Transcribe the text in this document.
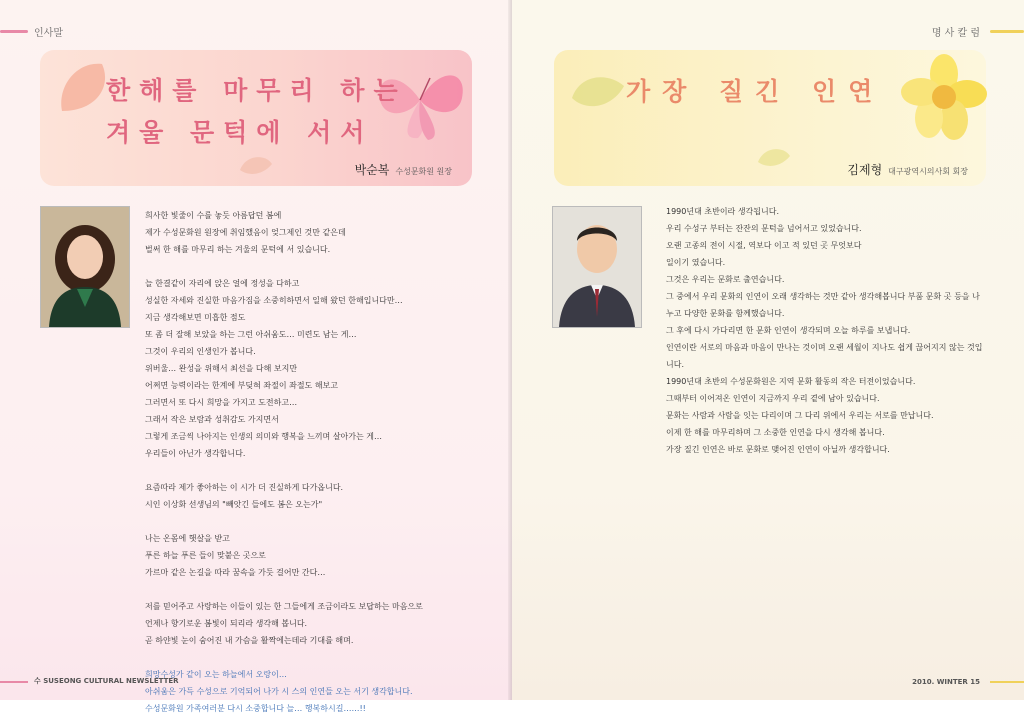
인사말
한해를 마무리 하는
겨울 문턱에 서서
박순복 수성문화원 원장

희사한 빛줄이 수를 놓듯 아름답던 봄에

제가 수성문화원 원장에 취임했음이 엊그제인 것만 같은데

벌써 한 해를 마무리 하는 겨울의 문턱에 서 있습니다.

늘 한결같이 자리에 앉은 얼에 정성을 다하고

성실한 자세와 진실한 마음가짐을 소중히하면서 일해 왔던 한해입니다만…

지금 생각해보면 미흡한 점도

또 좀 더 잘해 보았을 하는 그런 아쉬움도… 미련도 남는 게…

그것이 우리의 인생인가 봅니다.

위버울… 완성을 위해서 최선을 다해 보지만

어쩌면 능력이라는 한계에 부딪혀 좌절이 좌절도 해보고

그러면서 또 다시 희망을 가지고 도전하고…

그래서 작은 보람과 성취감도 가지면서

그렇게 조금씩 나아지는 인생의 의미와 행복을 느끼며 살아가는 게…

우리들이 아닌가 생각합니다.

요즘따라 제가 좋아하는 이 시가 더 진실하게 다가옵니다.

시인 이상화 선생님의 "빼앗긴 들에도 봄은 오는가"

나는 온몸에 햇살을 받고

푸른 하늘 푸른 들이 맞붙은 곳으로

가르마 같은 논길을 따라 꿈속을 가듯 걸어만 간다…

저를 믿어주고 사랑하는 이들이 있는 한 그들에게 조금이라도 보답하는 마음으로

언제나 향기로운 봄빛이 되리라 생각해 봅니다.

곧 하얀빛 눈이 숨어진 내 가슴을 활짝에는데라 기대를 해며.

희망수성가 같이 오는 하늘에서 오랑이…

아쉬움은 가득 수성으로 기억되어 나가 시 스의 인연들 오는 서기 생각합니다.

수성문화원 가족여러분 다시 소중합니다 늘… 행복하시길……!!

수 SUSEONG CULTURAL NEWSLETTER
명 사 칼 럼
가장 질긴 인연
김제형 대구광역시의사회 회장
2010. WINTER 15

1990년대 초반이라 생각됩니다.

우리 수성구 부터는 잔잔의 문턱을 넘어서고 있었습니다.

오랜 고종의 전이 시절, 역보다 이고 적 있던 곳 무엇보다

일이기 였습니다.

그것은 우리는 문화로 출연습니다.

그 중에서 우리 문화의 인연이 오래 생각하는 것만 같아 생각해봅니다 부품 문화 곳 등을 나누고 다양한 문화를 함께했습니다.

그 후에 다시 가다리면 한 문화 인연이 생각되며 오늘 하루를 보냅니다.

인연이란 서로의 마음과 마음이 만나는 것이며 오랜 세월이 지나도 쉽게 끊어지지 않는 것입니다.

1990년대 초반의 수성문화원은 지역 문화 활동의 작은 터전이었습니다.

그때부터 이어져온 인연이 지금까지 우리 곁에 남아 있습니다.

문화는 사람과 사람을 잇는 다리이며 그 다리 위에서 우리는 서로를 만납니다.

이제 한 해를 마무리하며 그 소중한 인연을 다시 생각해 봅니다.

가장 질긴 인연은 바로 문화로 맺어진 인연이 아닐까 생각합니다.
